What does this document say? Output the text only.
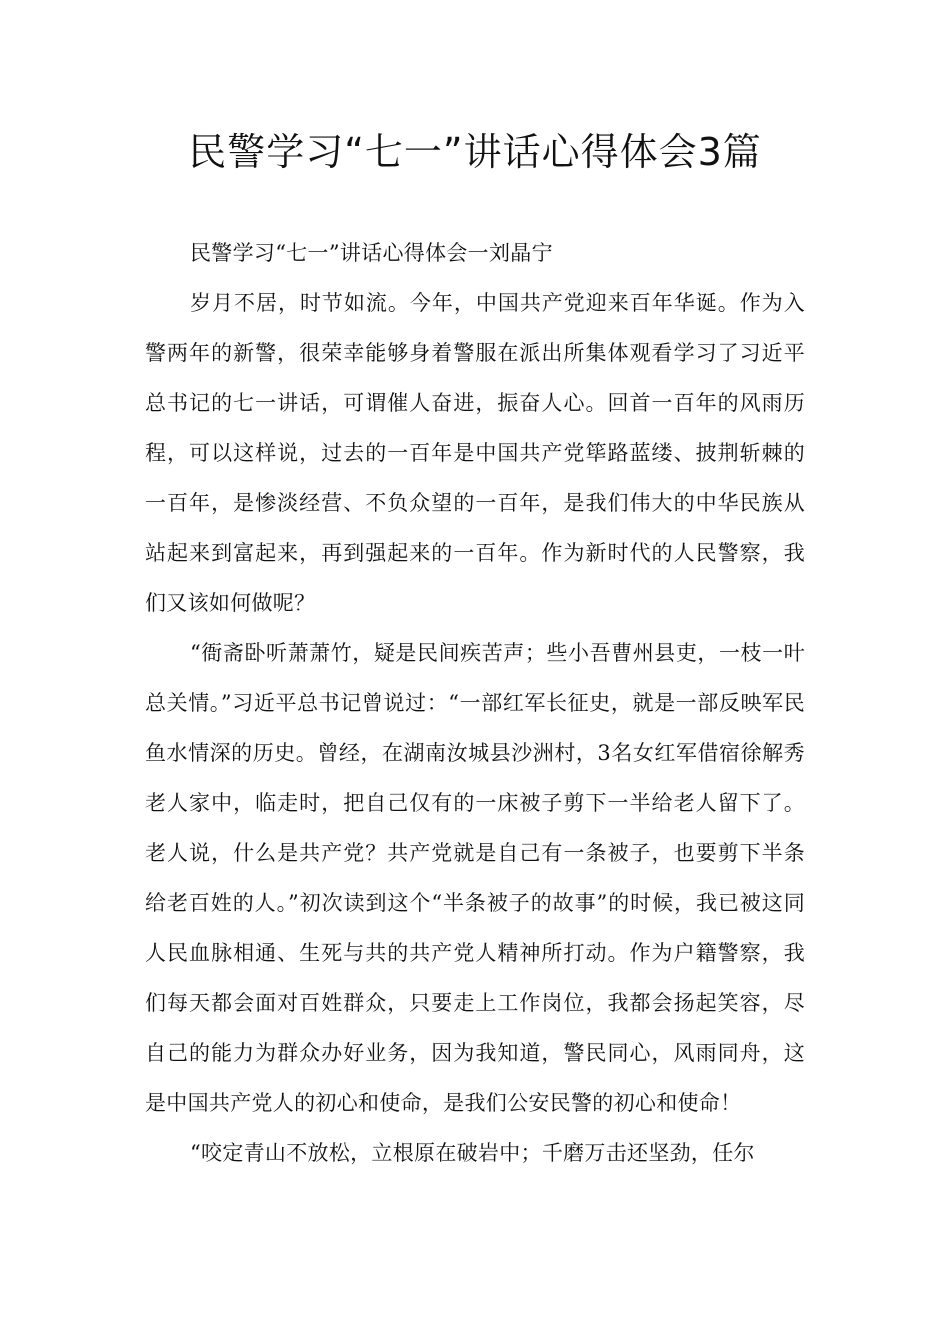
民警学习“七一”讲话心得体会3篇

民警学习“七一”讲话心得体会一刘晶宁

岁月不居，时节如流。今年，中国共产党迎来百年华诞。作为入警两年的新警，很荣幸能够身着警服在派出所集体观看学习了习近平总书记的七一讲话，可谓催人奋进，振奋人心。回首一百年的风雨历程，可以这样说，过去的一百年是中国共产党筚路蓝缕、披荆斩棘的一百年，是惨淡经营、不负众望的一百年，是我们伟大的中华民族从站起来到富起来，再到强起来的一百年。作为新时代的人民警察，我们又该如何做呢？

“衙斋卧听萧萧竹，疑是民间疾苦声；些小吾曹州县吏，一枝一叶总关情。”习近平总书记曾说过：“一部红军长征史，就是一部反映军民鱼水情深的历史。曾经，在湖南汝城县沙洲村，3名女红军借宿徐解秀老人家中，临走时，把自己仅有的一床被子剪下一半给老人留下了。老人说，什么是共产党？共产党就是自己有一条被子，也要剪下半条给老百姓的人。”初次读到这个“半条被子的故事”的时候，我已被这同人民血脉相通、生死与共的共产党人精神所打动。作为户籍警察，我们每天都会面对百姓群众，只要走上工作岗位，我都会扬起笑容，尽自己的能力为群众办好业务，因为我知道，警民同心，风雨同舟，这是中国共产党人的初心和使命，是我们公安民警的初心和使命！

“咬定青山不放松，立根原在破岩中；千磨万击还坚劲，任尔
